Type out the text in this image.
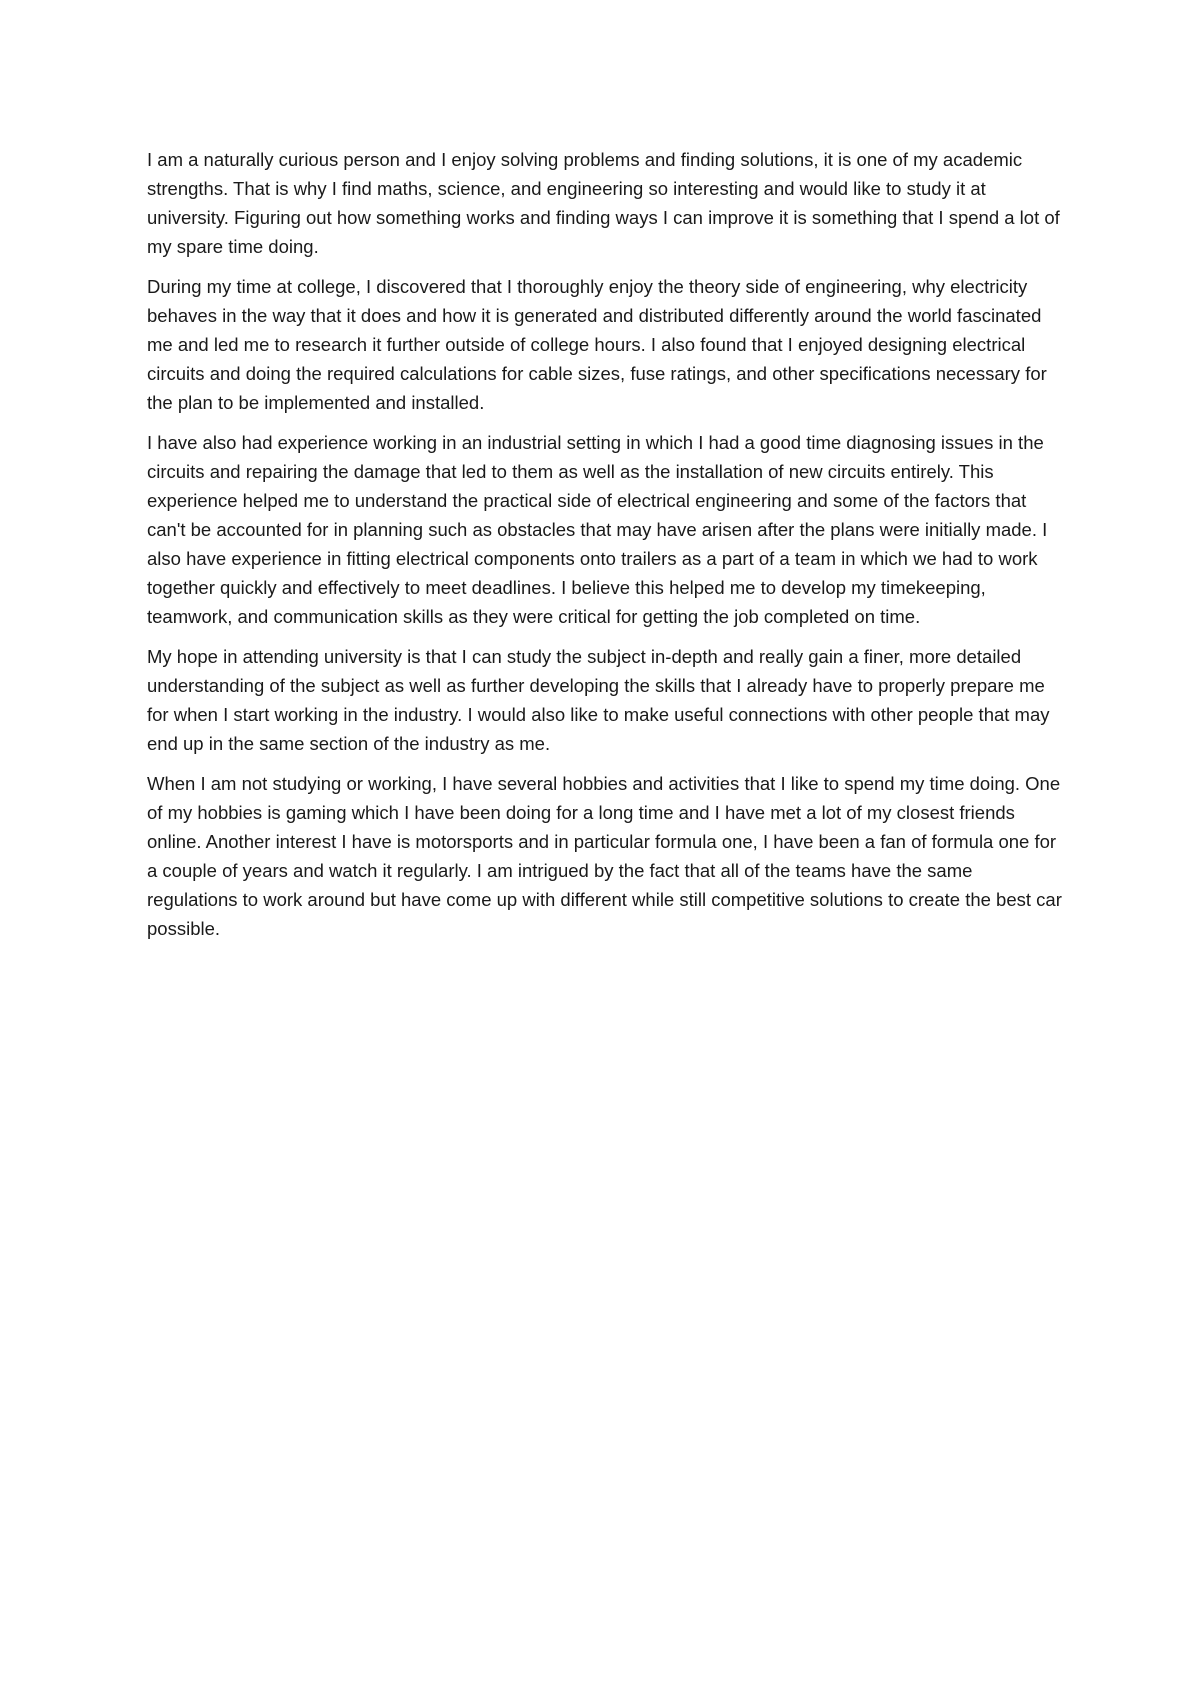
I am a naturally curious person and I enjoy solving problems and finding solutions, it is one of my academic strengths. That is why I find maths, science, and engineering so interesting and would like to study it at university. Figuring out how something works and finding ways I can improve it is something that I spend a lot of my spare time doing.

During my time at college, I discovered that I thoroughly enjoy the theory side of engineering, why electricity behaves in the way that it does and how it is generated and distributed differently around the world fascinated me and led me to research it further outside of college hours. I also found that I enjoyed designing electrical circuits and doing the required calculations for cable sizes, fuse ratings, and other specifications necessary for the plan to be implemented and installed.

I have also had experience working in an industrial setting in which I had a good time diagnosing issues in the circuits and repairing the damage that led to them as well as the installation of new circuits entirely. This experience helped me to understand the practical side of electrical engineering and some of the factors that can't be accounted for in planning such as obstacles that may have arisen after the plans were initially made. I also have experience in fitting electrical components onto trailers as a part of a team in which we had to work together quickly and effectively to meet deadlines. I believe this helped me to develop my timekeeping, teamwork, and communication skills as they were critical for getting the job completed on time.

My hope in attending university is that I can study the subject in-depth and really gain a finer, more detailed understanding of the subject as well as further developing the skills that I already have to properly prepare me for when I start working in the industry. I would also like to make useful connections with other people that may end up in the same section of the industry as me.

When I am not studying or working, I have several hobbies and activities that I like to spend my time doing. One of my hobbies is gaming which I have been doing for a long time and I have met a lot of my closest friends online. Another interest I have is motorsports and in particular formula one, I have been a fan of formula one for a couple of years and watch it regularly. I am intrigued by the fact that all of the teams have the same regulations to work around but have come up with different while still competitive solutions to create the best car possible.
